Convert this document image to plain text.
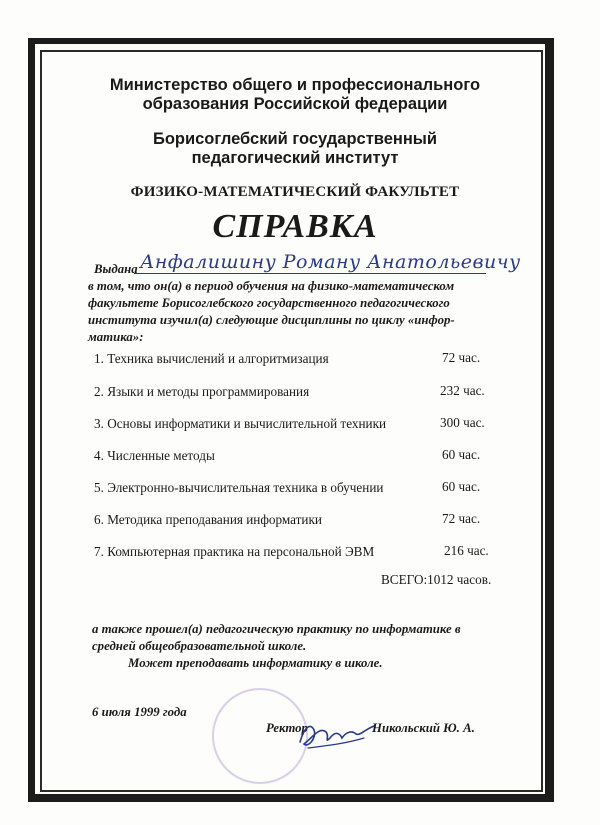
Министерство общего и профессионального
образования Российской федерации
Борисоглебский государственный
педагогический институт
ФИЗИКО-МАТЕМАТИЧЕСКИЙ ФАКУЛЬТЕТ
СПРАВКА
Выдана Анфалишину Роману Анатольевичу
в том, что он(а) в период обучения на физико-математическом
факультете Борисоглебского государственного педагогического
института изучил(а) следующие дисциплины по циклу «инфор-
матика»:
1. Техника вычислений и алгоритмизация	72 час.
2. Языки и методы программирования	232 час.
3. Основы информатики и вычислительной техники	300 час.
4. Численные методы	60 час.
5. Электронно-вычислительная техника в обучении	60 час.
6. Методика преподавания информатики	72 час.
7. Компьютерная практика на персональной ЭВМ	216 час.
ВСЕГО:1012 часов.
а также прошел(а) педагогическую практику по информатике в
средней общеобразовательной школе.
Может преподавать информатику в школе.
6 июля 1999 года
Ректор	Никольский Ю. А.
